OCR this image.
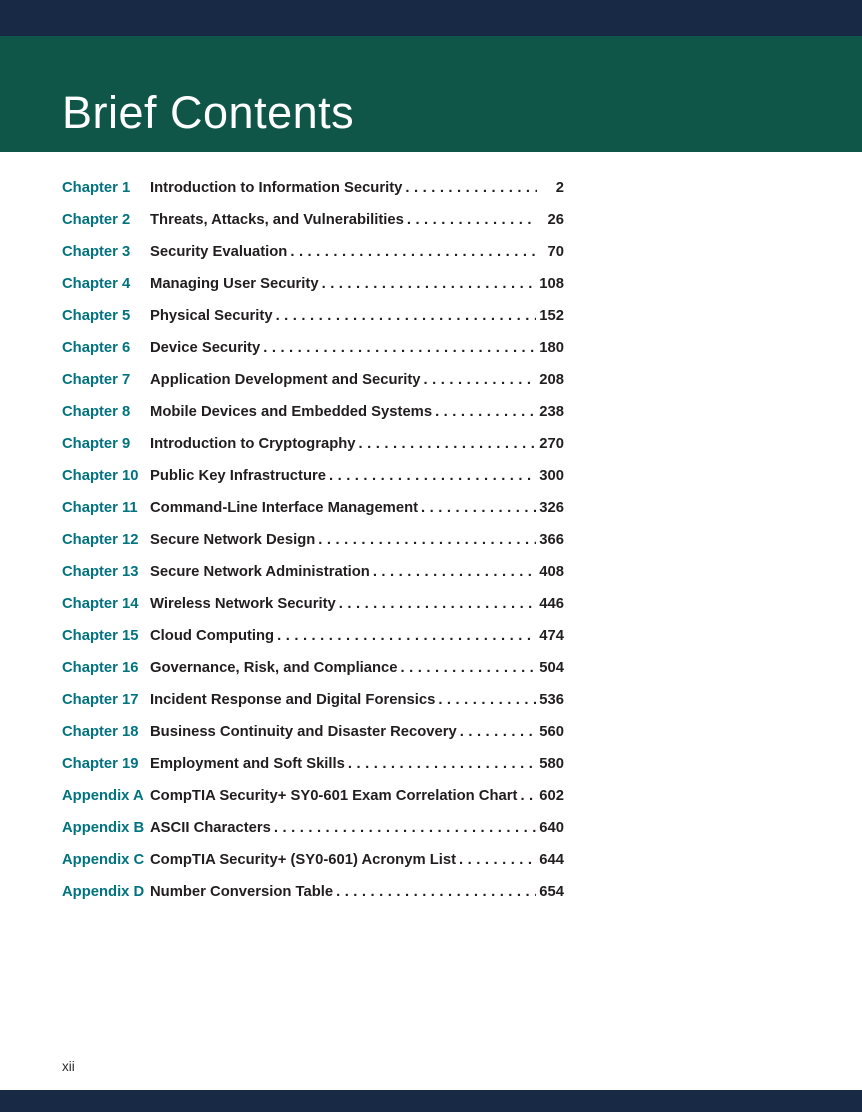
Brief Contents
Chapter 1	Introduction to Information Security .....	2
Chapter 2	Threats, Attacks, and Vulnerabilities .....	26
Chapter 3	Security Evaluation .....	70
Chapter 4	Managing User Security .....	108
Chapter 5	Physical Security .....	152
Chapter 6	Device Security .....	180
Chapter 7	Application Development and Security .....	208
Chapter 8	Mobile Devices and Embedded Systems .....	238
Chapter 9	Introduction to Cryptography .....	270
Chapter 10 Public Key Infrastructure .....	300
Chapter 11 Command-Line Interface Management .....	326
Chapter 12 Secure Network Design .....	366
Chapter 13 Secure Network Administration .....	408
Chapter 14 Wireless Network Security .....	446
Chapter 15 Cloud Computing .....	474
Chapter 16 Governance, Risk, and Compliance .....	504
Chapter 17 Incident Response and Digital Forensics .....	536
Chapter 18 Business Continuity and Disaster Recovery .....	560
Chapter 19 Employment and Soft Skills .....	580
Appendix A CompTIA Security+ SY0-601 Exam Correlation Chart ..... 602
Appendix B ASCII Characters .....	640
Appendix C CompTIA Security+ (SY0-601) Acronym List .....	644
Appendix D Number Conversion Table .....	654
xii
